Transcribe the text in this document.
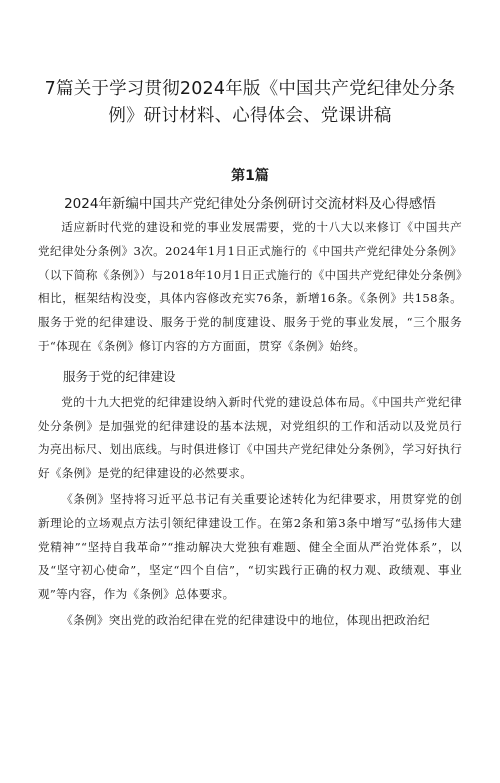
7篇关于学习贯彻2024年版《中国共产党纪律处分条例》研讨材料、心得体会、党课讲稿
第1篇
2024年新编中国共产党纪律处分条例研讨交流材料及心得感悟

适应新时代党的建设和党的事业发展需要，党的十八大以来修订《中国共产党纪律处分条例》3次。2024年1月1日正式施行的《中国共产党纪律处分条例》（以下简称《条例》）与2018年10月1日正式施行的《中国共产党纪律处分条例》相比，框架结构没变，具体内容修改充实76条，新增16条。《条例》共158条。服务于党的纪律建设、服务于党的制度建设、服务于党的事业发展，“三个服务于“体现在《条例》修订内容的方方面面，贯穿《条例》始终。

服务于党的纪律建设

党的十九大把党的纪律建设纳入新时代党的建设总体布局。《中国共产党纪律处分条例》是加强党的纪律建设的基本法规，对党组织的工作和活动以及党员行为亮出标尺、划出底线。与时俱进修订《中国共产党纪律处分条例》，学习好执行好《条例》是党的纪律建设的必然要求。

《条例》坚持将习近平总书记有关重要论述转化为纪律要求，用贯穿党的创新理论的立场观点方法引领纪律建设工作。在第2条和第3条中增写“弘扬伟大建党精神”“坚持自我革命”“推动解决大党独有难题、健全全面从严治党体系”，以及“坚守初心使命”，坚定“四个自信”，“切实践行正确的权力观、政绩观、事业观”等内容，作为《条例》总体要求。

《条例》突出党的政治纪律在党的纪律建设中的地位，体现出把政治纪
